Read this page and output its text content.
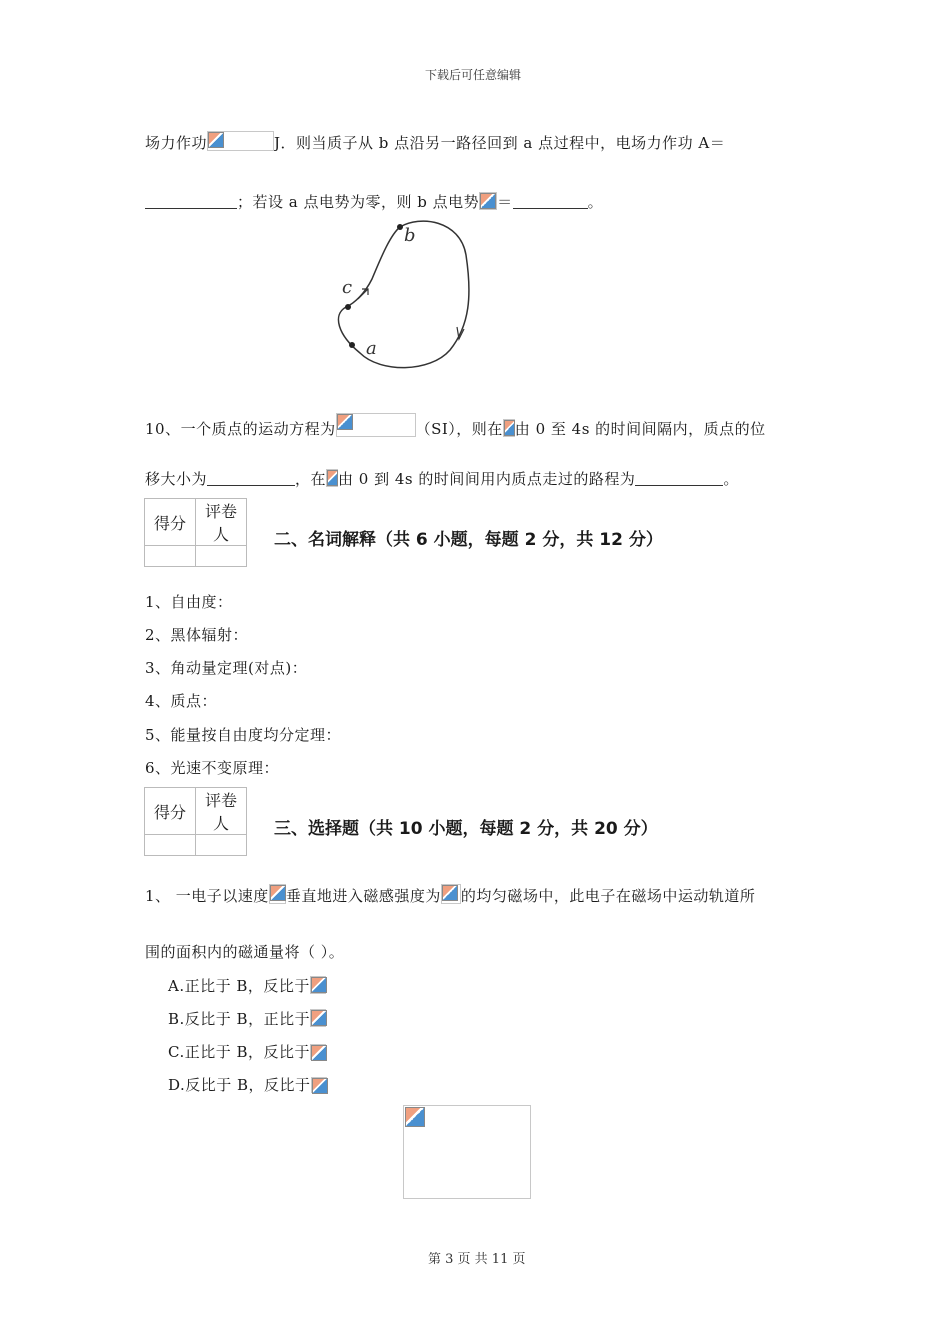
下载后可任意编辑
场力作功	J．则当质子从 b 点沿另一路径回到 a 点过程中，电场力作功 A＝
；若设 a 点电势为零，则 b 点电势 ＝	。
b
c
a
10、一个质点的运动方程为	（SI），则在 由 0 至 4s 的时间间隔内，质点的位
移大小为	，在 由 0 到 4s 的时间间用内质点走过的路程为	。
得分	评卷人
		二、名词解释（共 6 小题，每题 2 分，共 12 分）
1、自由度：
2、黑体辐射：
3、角动量定理(对点)：
4、质点：
5、能量按自由度均分定理：
6、光速不变原理：
得分	评卷人
		三、选择题（共 10 小题，每题 2 分，共 20 分）
1、 一电子以速度 垂直地进入磁感强度为 的均匀磁场中，此电子在磁场中运动轨道所
围的面积内的磁通量将（ ）。
A.正比于 B，反比于
B.反比于 B，正比于
C.正比于 B，反比于
D.反比于 B，反比于
第 3 页 共 11 页
